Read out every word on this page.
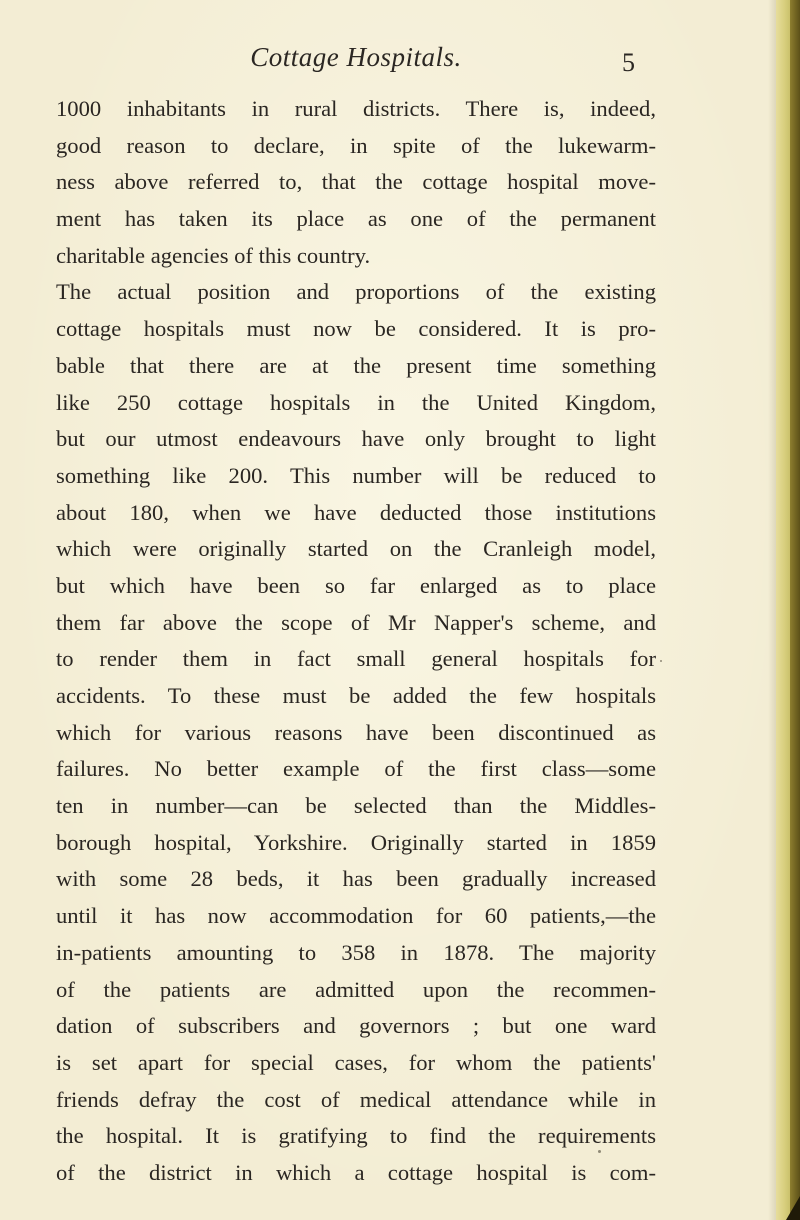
Cottage Hospitals.	5
1000 inhabitants in rural districts. There is, indeed,
good reason to declare, in spite of the lukewarm-
ness above referred to, that the cottage hospital move-
ment has taken its place as one of the permanent
charitable agencies of this country.
The actual position and proportions of the existing
cottage hospitals must now be considered. It is pro-
bable that there are at the present time something
like 250 cottage hospitals in the United Kingdom,
but our utmost endeavours have only brought to light
something like 200. This number will be reduced to
about 180, when we have deducted those institutions
which were originally started on the Cranleigh model,
but which have been so far enlarged as to place
them far above the scope of Mr Napper's scheme, and
to render them in fact small general hospitals for
accidents. To these must be added the few hospitals
which for various reasons have been discontinued as
failures. No better example of the first class—some
ten in number—can be selected than the Middles-
borough hospital, Yorkshire. Originally started in 1859
with some 28 beds, it has been gradually increased
until it has now accommodation for 60 patients,—the
in-patients amounting to 358 in 1878. The majority
of the patients are admitted upon the recommen-
dation of subscribers and governors ; but one ward
is set apart for special cases, for whom the patients'
friends defray the cost of medical attendance while in
the hospital. It is gratifying to find the requirements
of the district in which a cottage hospital is com-
